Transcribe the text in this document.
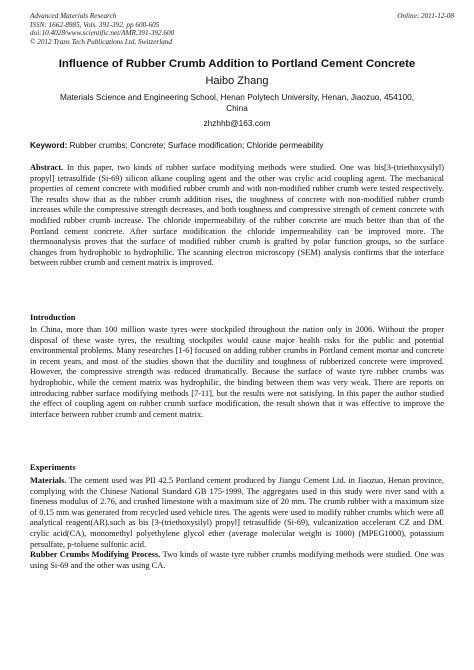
Advanced Materials Research
ISSN: 1662-8985, Vols. 391-392, pp 600-605
doi:10.4028/www.scientific.net/AMR.391-392.600
© 2012 Trans Tech Publications Ltd, Switzerland
Online: 2011-12-08
Influence of Rubber Crumb Addition to Portland Cement Concrete
Haibo Zhang
Materials Science and Engineering School, Henan Polytech University, Henan, Jiaozuo, 454100,
China
zhzhhb@163.com
Keyword: Rubber crumbs; Concrete; Surface modification; Chloride permeability

Abstract. In this paper, two kinds of rubber surface modifying methods were studied. One was bis[3-(triethoxysilyl) propyl] tetrasulfide (Si-69) silicon alkane coupling agent and the other was crylic acid coupling agent. The mechanical properties of cement concrete with modified rubber crumb and with non-modified rubber crumb were tested respectively. The results show that as the rubber crumb addition rises, the toughness of concrete with non-modified rubber crumb increases while the compressive strength decreases, and both toughness and compressive strength of cement concrete with modified rubber crumb increase. The chloride impermeability of the rubber concrete are much better than that of the Portland cement concrete. After surface modification the chloride impermeability can be improved more. The thermoanalysis proves that the surface of modified rubber crumb is grafted by polar function groups, so the surface changes from hydrophobic to hydrophilic. The scanning electron microscopy (SEM) analysis confirms that the interface between rubber crumb and cement matrix is improved.

Introduction

In China, more than 100 million waste tyres were stockpiled throughout the nation only in 2006. Without the proper disposal of these waste tyres, the resulting stockpiles would cause major health risks for the public and potential environmental problems. Many researches [1-6] focused on adding rubber crumbs in Portland cement mortar and concrete in recent years, and most of the studies shown that the ductility and toughness of rubberized concrete were improved. However, the compressive strength was reduced dramatically. Because the surface of waste tyre rubber crumbs was hydrophobic, while the cement matrix was hydrophilic, the binding between them was very weak. There are reports on introducing rubber surface modifying methods [7-11], but the results were not satisfying. In this paper the author studied the effect of coupling agent on rubber crumb surface modification, the result shown that it was effective to improve the interface between rubber crumb and cement matrix.

Experiments

Materials. The cement used was PII 42.5 Portland cement produced by Jiangu Cement Ltd. in Jiaozuo, Henan province, complying with the Chinese National Standard GB 175-1999, The aggregates used in this study were river sand with a fineness modulus of 2.76, and crushed limestone with a maximum size of 20 mm. The crumb rubber with a maximum size of 0.15 mm was generated from recycled used vehicle tires. The agents were used to modify rubber crumbs which were all analytical reagent(AR).such as bis [3-(triethoxysilyl) propyl] tetrasulfide (Si-69), vulcanization accelerant CZ and DM. crylic acid(CA), monomethyl polyethylene glycol ether (average molecular weight is 1000) (MPEG1000), potassium persulfate, p-toluene sulfonic acid.

Rubber Crumbs Modifying Process. Two kinds of waste tyre rubber crumbs modifying methods were studied. One was using Si-69 and the other was using CA.
